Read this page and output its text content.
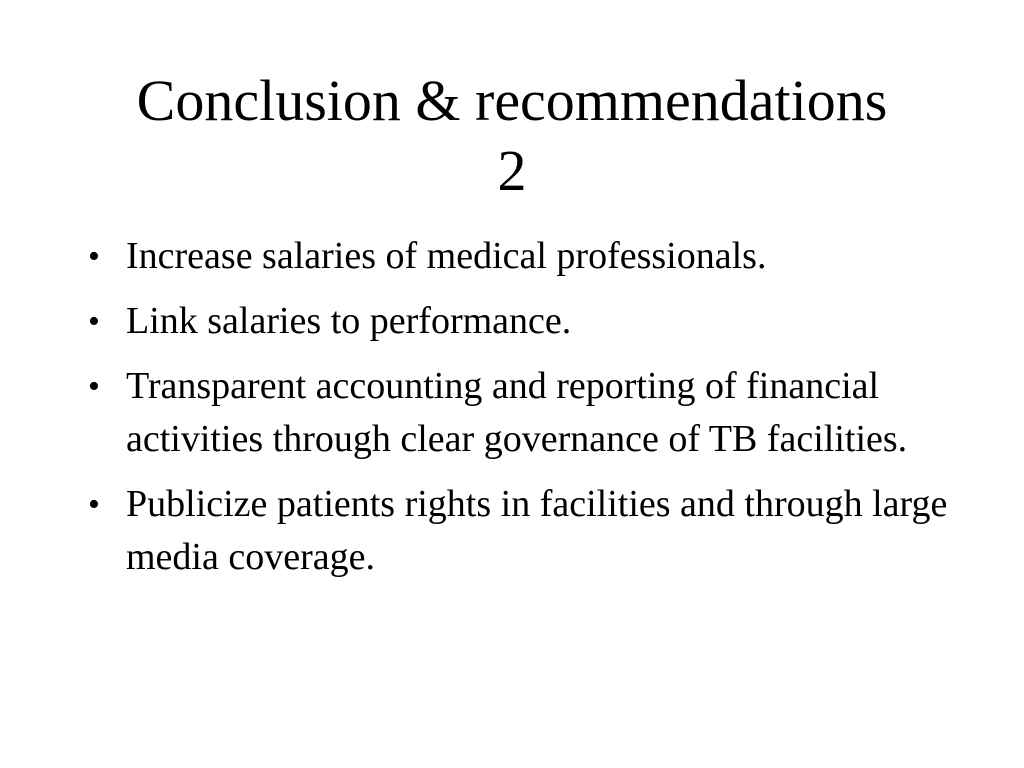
Conclusion & recommendations
2
• Increase salaries of medical professionals.
• Link salaries to performance.
• Transparent accounting and reporting of financial activities through clear governance of TB facilities.
• Publicize patients rights in facilities and through large media coverage.
